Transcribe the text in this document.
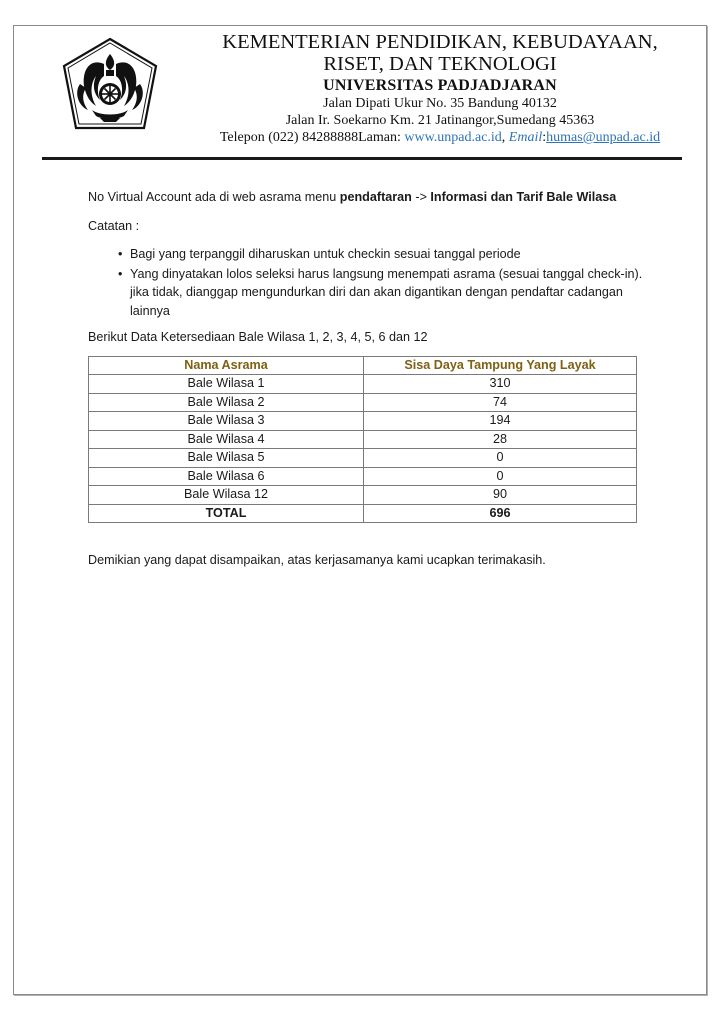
KEMENTERIAN PENDIDIKAN, KEBUDAYAAN,
RISET, DAN TEKNOLOGI
UNIVERSITAS PADJADJARAN
Jalan Dipati Ukur No. 35 Bandung 40132
Jalan Ir. Soekarno Km. 21 Jatinangor,Sumedang 45363
Telepon (022) 84288888Laman: www.unpad.ac.id, Email:humas@unpad.ac.id

No Virtual Account ada di web asrama menu pendaftaran -> Informasi dan Tarif Bale Wilasa

Catatan :

• Bagi yang terpanggil diharuskan untuk checkin sesuai tanggal periode
• Yang dinyatakan lolos seleksi harus langsung menempati asrama (sesuai tanggal check-in). jika tidak, dianggap mengundurkan diri dan akan digantikan dengan pendaftar cadangan lainnya

Berikut Data Ketersediaan Bale Wilasa 1, 2, 3, 4, 5, 6 dan 12

Nama Asrama	Sisa Daya Tampung Yang Layak
Bale Wilasa 1	310
Bale Wilasa 2	74
Bale Wilasa 3	194
Bale Wilasa 4	28
Bale Wilasa 5	0
Bale Wilasa 6	0
Bale Wilasa 12	90
TOTAL	696

Demikian yang dapat disampaikan, atas kerjasamanya kami ucapkan terimakasih.
